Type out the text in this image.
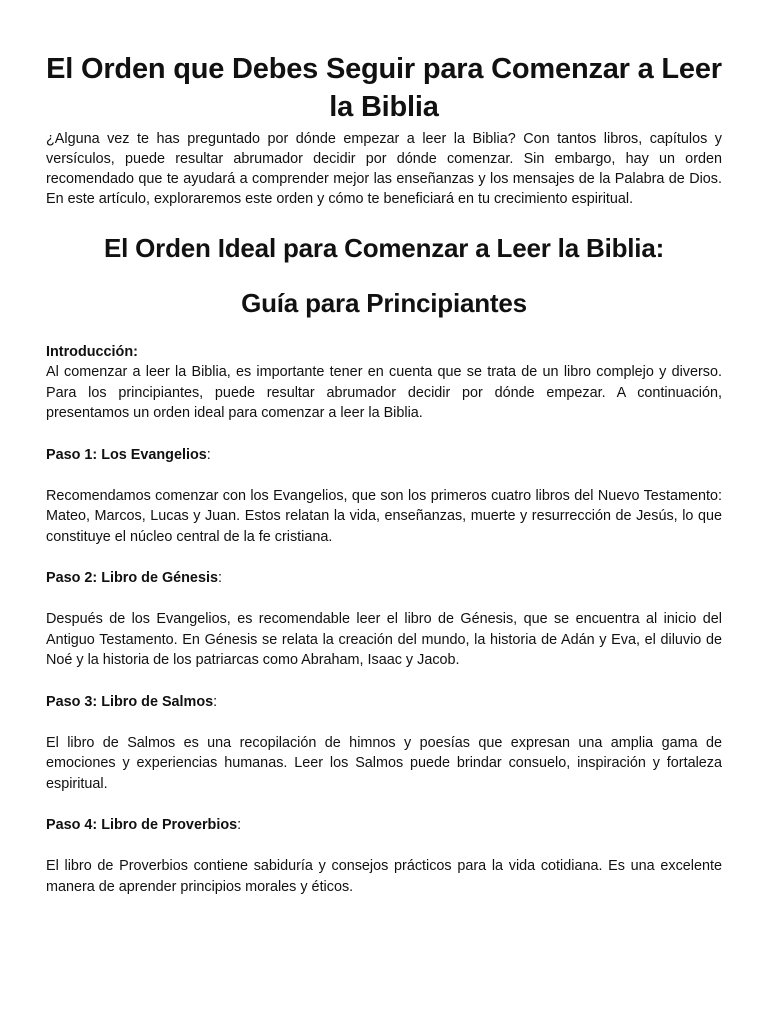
El Orden que Debes Seguir para Comenzar a Leer la Biblia

¿Alguna vez te has preguntado por dónde empezar a leer la Biblia? Con tantos libros, capítulos y versículos, puede resultar abrumador decidir por dónde comenzar. Sin embargo, hay un orden recomendado que te ayudará a comprender mejor las enseñanzas y los mensajes de la Palabra de Dios. En este artículo, exploraremos este orden y cómo te beneficiará en tu crecimiento espiritual.

El Orden Ideal para Comenzar a Leer la Biblia:
Guía para Principiantes

Introducción:

Al comenzar a leer la Biblia, es importante tener en cuenta que se trata de un libro complejo y diverso. Para los principiantes, puede resultar abrumador decidir por dónde empezar. A continuación, presentamos un orden ideal para comenzar a leer la Biblia.

Paso 1: Los Evangelios:

Recomendamos comenzar con los Evangelios, que son los primeros cuatro libros del Nuevo Testamento: Mateo, Marcos, Lucas y Juan. Estos relatan la vida, enseñanzas, muerte y resurrección de Jesús, lo que constituye el núcleo central de la fe cristiana.

Paso 2: Libro de Génesis:

Después de los Evangelios, es recomendable leer el libro de Génesis, que se encuentra al inicio del Antiguo Testamento. En Génesis se relata la creación del mundo, la historia de Adán y Eva, el diluvio de Noé y la historia de los patriarcas como Abraham, Isaac y Jacob.

Paso 3: Libro de Salmos:

El libro de Salmos es una recopilación de himnos y poesías que expresan una amplia gama de emociones y experiencias humanas. Leer los Salmos puede brindar consuelo, inspiración y fortaleza espiritual.

Paso 4: Libro de Proverbios:

El libro de Proverbios contiene sabiduría y consejos prácticos para la vida cotidiana. Es una excelente manera de aprender principios morales y éticos.
